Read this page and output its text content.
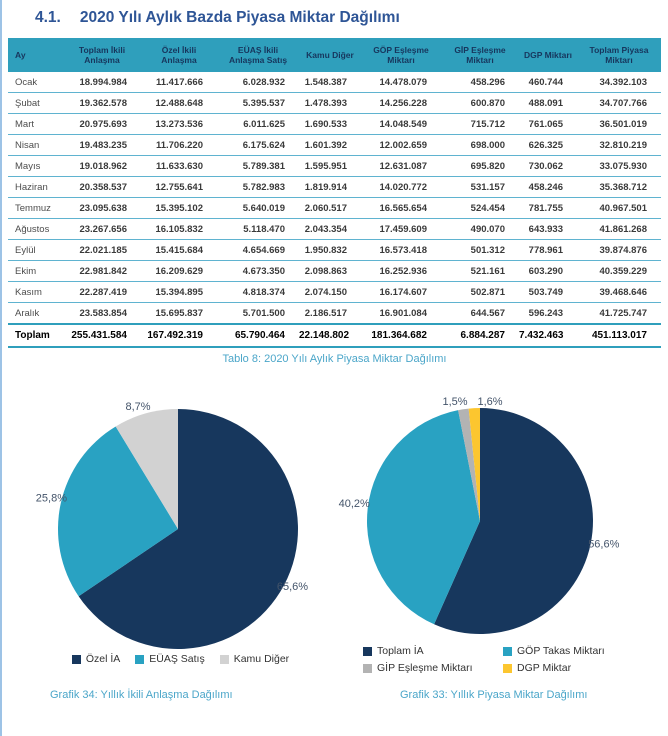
4.1. 2020 Yılı Aylık Bazda Piyasa Miktar Dağılımı
Ay	Toplam İkili Anlaşma	Özel İkili Anlaşma	EÜAŞ İkili Anlaşma Satış	Kamu Diğer	GÖP Eşleşme Miktarı	GİP Eşleşme Miktarı	DGP Miktarı	Toplam Piyasa Miktarı
Ocak	18.994.984	11.417.666	6.028.932	1.548.387	14.478.079	458.296	460.744	34.392.103
Şubat	19.362.578	12.488.648	5.395.537	1.478.393	14.256.228	600.870	488.091	34.707.766
Mart	20.975.693	13.273.536	6.011.625	1.690.533	14.048.549	715.712	761.065	36.501.019
Nisan	19.483.235	11.706.220	6.175.624	1.601.392	12.002.659	698.000	626.325	32.810.219
Mayıs	19.018.962	11.633.630	5.789.381	1.595.951	12.631.087	695.820	730.062	33.075.930
Haziran	20.358.537	12.755.641	5.782.983	1.819.914	14.020.772	531.157	458.246	35.368.712
Temmuz	23.095.638	15.395.102	5.640.019	2.060.517	16.565.654	524.454	781.755	40.967.501
Ağustos	23.267.656	16.105.832	5.118.470	2.043.354	17.459.609	490.070	643.933	41.861.268
Eylül	22.021.185	15.415.684	4.654.669	1.950.832	16.573.418	501.312	778.961	39.874.876
Ekim	22.981.842	16.209.629	4.673.350	2.098.863	16.252.936	521.161	603.290	40.359.229
Kasım	22.287.419	15.394.895	4.818.374	2.074.150	16.174.607	502.871	503.749	39.468.646
Aralık	23.583.854	15.695.837	5.701.500	2.186.517	16.901.084	644.567	596.243	41.725.747
Toplam	255.431.584	167.492.319	65.790.464	22.148.802	181.364.682	6.884.287	7.432.463	451.113.017
Tablo 8: 2020 Yılı Aylık Piyasa Miktar Dağılımı
65,6%
25,8%
8,7%
Özel İA	EÜAŞ Satış	Kamu Diğer
Grafik 34: Yıllık İkili Anlaşma Dağılımı
56,6%
40,2%
1,5% 1,6%
Toplam İA	GÖP Takas Miktarı
GİP Eşleşme Miktarı	DGP Miktar
Grafik 33: Yıllık Piyasa Miktar Dağılımı
